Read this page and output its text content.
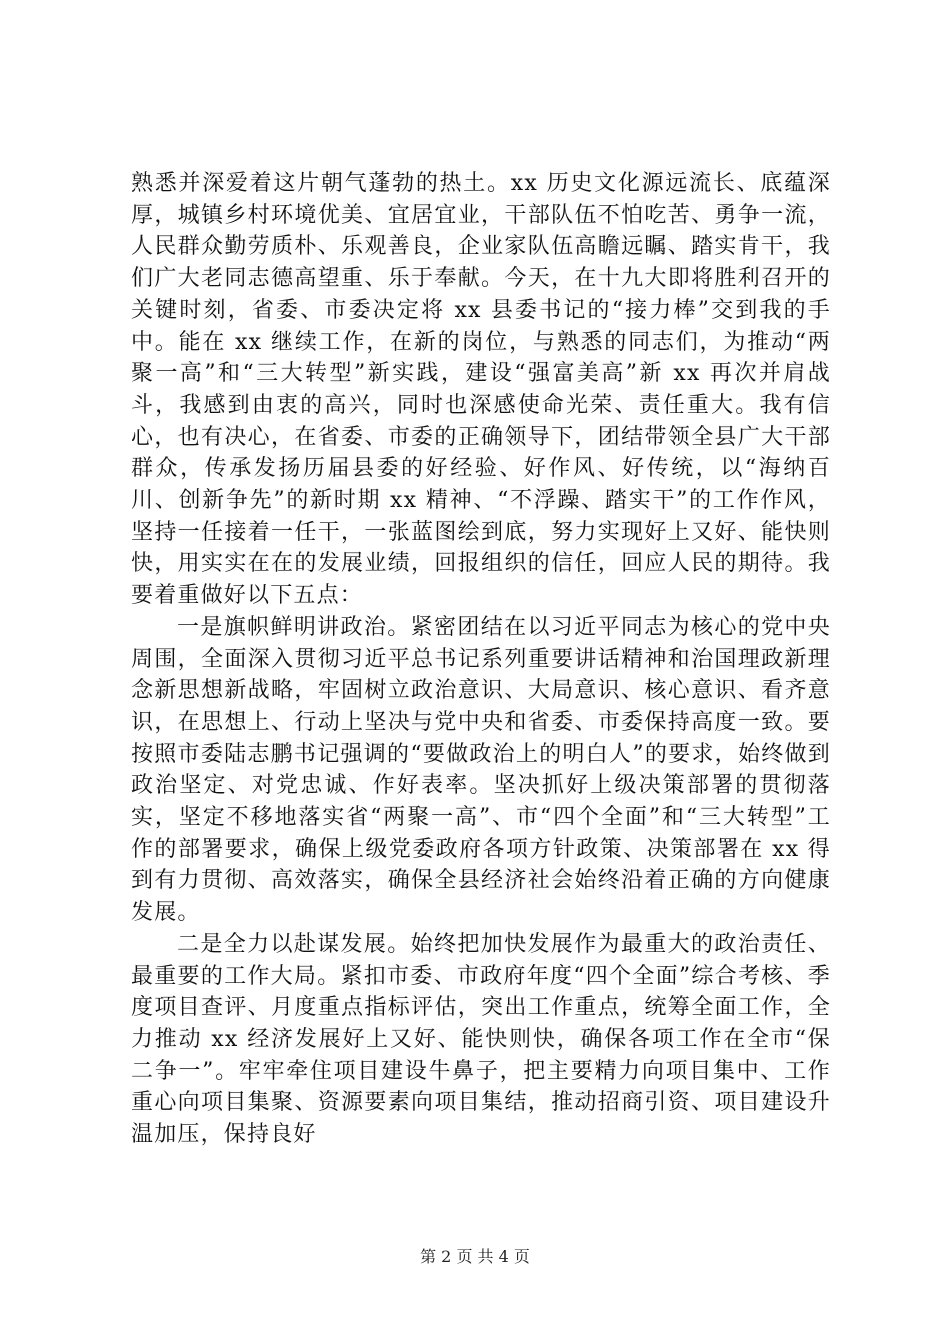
熟悉并深爱着这片朝气蓬勃的热土。xx 历史文化源远流长、底蕴深厚，城镇乡村环境优美、宜居宜业，干部队伍不怕吃苦、勇争一流，人民群众勤劳质朴、乐观善良，企业家队伍高瞻远瞩、踏实肯干，我们广大老同志德高望重、乐于奉献。今天，在十九大即将胜利召开的关键时刻，省委、市委决定将 xx 县委书记的“接力棒”交到我的手中。能在 xx 继续工作，在新的岗位，与熟悉的同志们，为推动“两聚一高”和“三大转型”新实践，建设“强富美高”新 xx 再次并肩战斗，我感到由衷的高兴，同时也深感使命光荣、责任重大。我有信心，也有决心，在省委、市委的正确领导下，团结带领全县广大干部群众，传承发扬历届县委的好经验、好作风、好传统，以“海纳百川、创新争先”的新时期 xx 精神、“不浮躁、踏实干”的工作作风，坚持一任接着一任干，一张蓝图绘到底，努力实现好上又好、能快则快，用实实在在的发展业绩，回报组织的信任，回应人民的期待。我要着重做好以下五点：

一是旗帜鲜明讲政治。紧密团结在以习近平同志为核心的党中央周围，全面深入贯彻习近平总书记系列重要讲话精神和治国理政新理念新思想新战略，牢固树立政治意识、大局意识、核心意识、看齐意识，在思想上、行动上坚决与党中央和省委、市委保持高度一致。要按照市委陆志鹏书记强调的“要做政治上的明白人”的要求，始终做到政治坚定、对党忠诚、作好表率。坚决抓好上级决策部署的贯彻落实，坚定不移地落实省“两聚一高”、市“四个全面”和“三大转型”工作的部署要求，确保上级党委政府各项方针政策、决策部署在 xx 得到有力贯彻、高效落实，确保全县经济社会始终沿着正确的方向健康发展。

二是全力以赴谋发展。始终把加快发展作为最重大的政治责任、最重要的工作大局。紧扣市委、市政府年度“四个全面”综合考核、季度项目查评、月度重点指标评估，突出工作重点，统筹全面工作，全力推动 xx 经济发展好上又好、能快则快，确保各项工作在全市“保二争一”。牢牢牵住项目建设牛鼻子，把主要精力向项目集中、工作重心向项目集聚、资源要素向项目集结，推动招商引资、项目建设升温加压，保持良好

第 2 页 共 4 页
